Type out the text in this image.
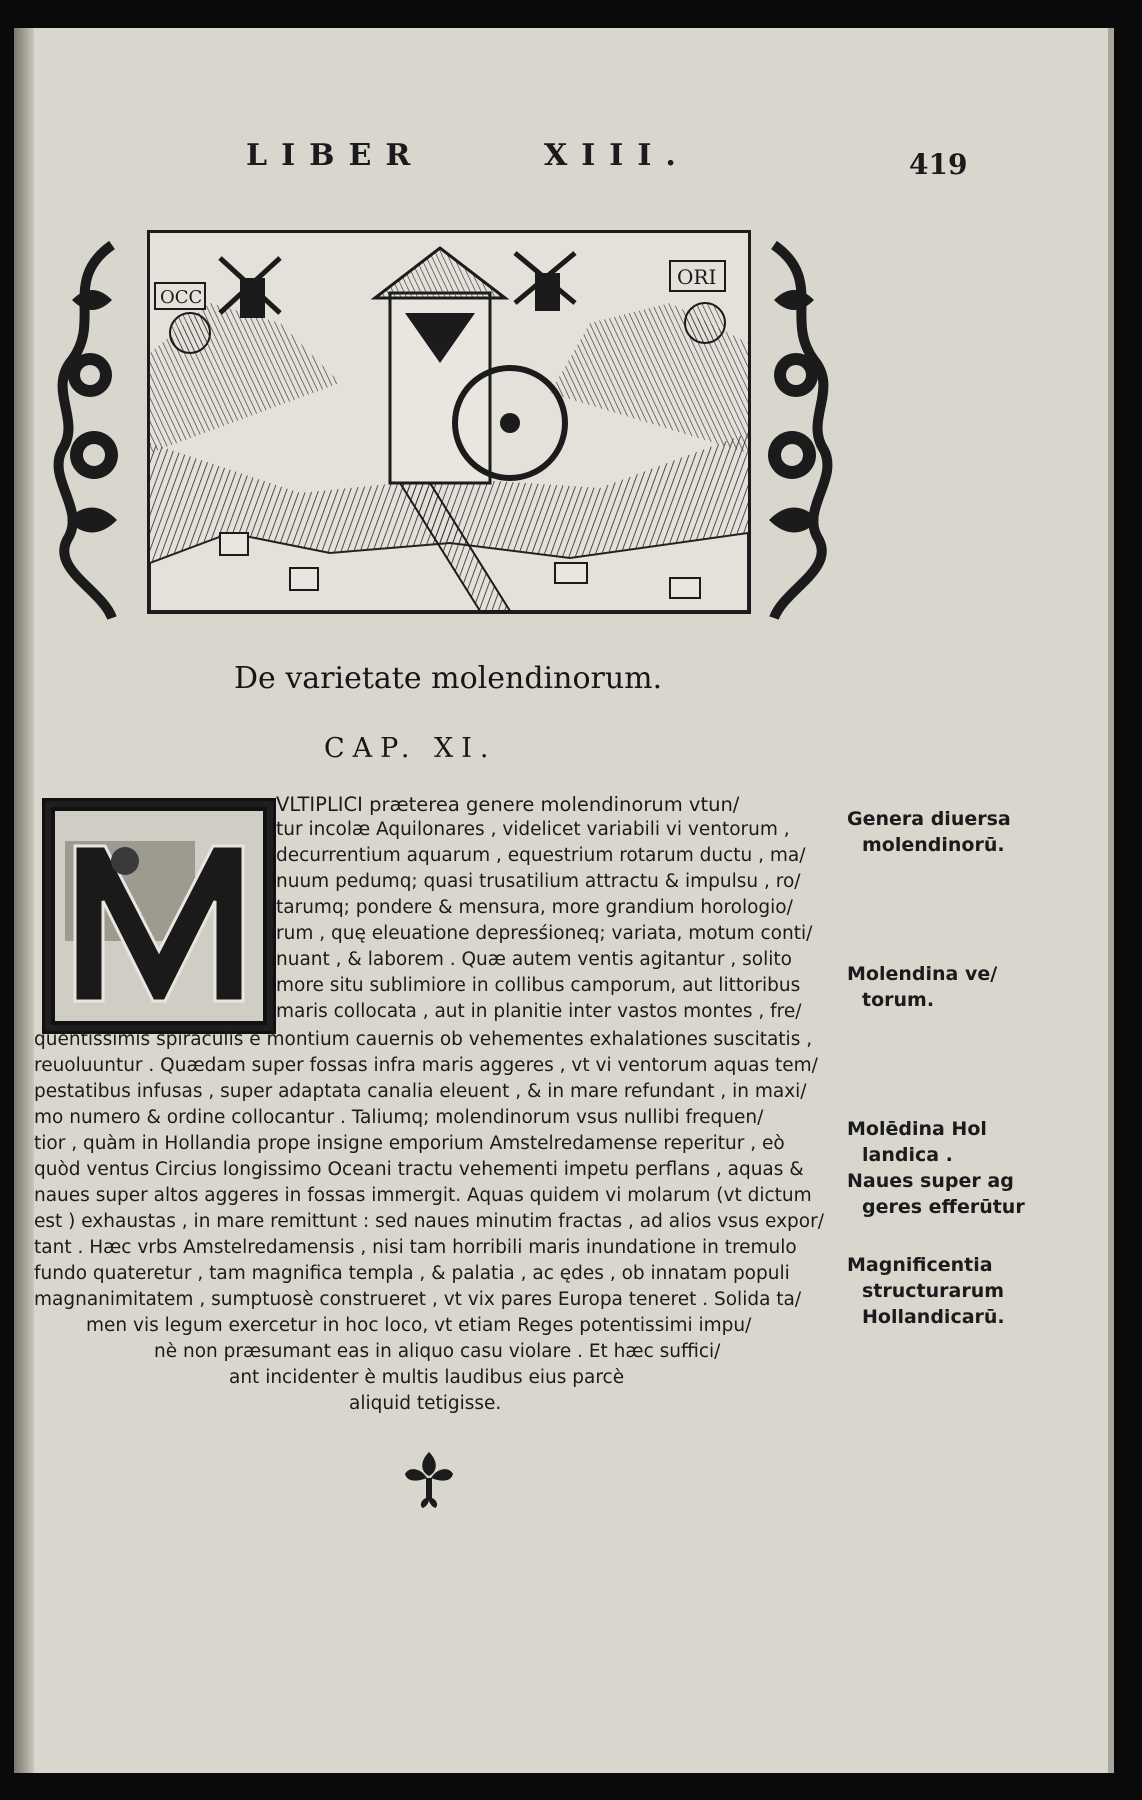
LIBER	XIII.	419
OCC
ORI
De varietate molendinorum.
CAP. XI.
VLTIPLICI præterea genere molendinorum vtun/
tur incolæ Aquilonares , videlicet variabili vi ventorum ,
decurrentium aquarum , equestrium rotarum ductu , ma/
nuum pedumq; quasi trusatilium attractu & impulsu , ro/
tarumq; pondere & mensura, more grandium horologio/
rum , quę eleuatione depresśioneq; variata, motum conti/
nuant , & laborem . Quæ autem ventis agitantur , solito
more situ sublimiore in collibus camporum, aut littoribus
maris collocata , aut in planitie inter vastos montes , fre/
quentissimis spiraculis è montium cauernis ob vehementes exhalationes suscitatis ,
reuoluuntur . Quædam super fossas infra maris aggeres , vt vi ventorum aquas tem/
pestatibus infusas , super adaptata canalia eleuent , & in mare refundant , in maxi/
mo numero & ordine collocantur . Taliumq; molendinorum vsus nullibi frequen/
tior , quàm in Hollandia prope insigne emporium Amstelredamense reperitur , eò
quòd ventus Circius longissimo Oceani tractu vehementi impetu perflans , aquas &
naues super altos aggeres in fossas immergit. Aquas quidem vi molarum (vt dictum
est ) exhaustas , in mare remittunt : sed naues minutim fractas , ad alios vsus expor/
tant . Hæc vrbs Amstelredamensis , nisi tam horribili maris inundatione in tremulo
fundo quateretur , tam magnifica templa , & palatia , ac ędes , ob innatam populi
magnanimitatem , sumptuosè construeret , vt vix pares Europa teneret . Solida ta/
men vis legum exercetur in hoc loco, vt etiam Reges potentissimi impu/
nè non præsumant eas in aliquo casu violare . Et hæc suffici/
ant incidenter è multis laudibus eius parcè
aliquid tetigisse.
Genera diuersa
molendinorū.
Molendina ve/
torum.
Molēdina Hol
landica .
Naues super ag
geres efferūtur
Magnificentia
structurarum
Hollandicarū.
